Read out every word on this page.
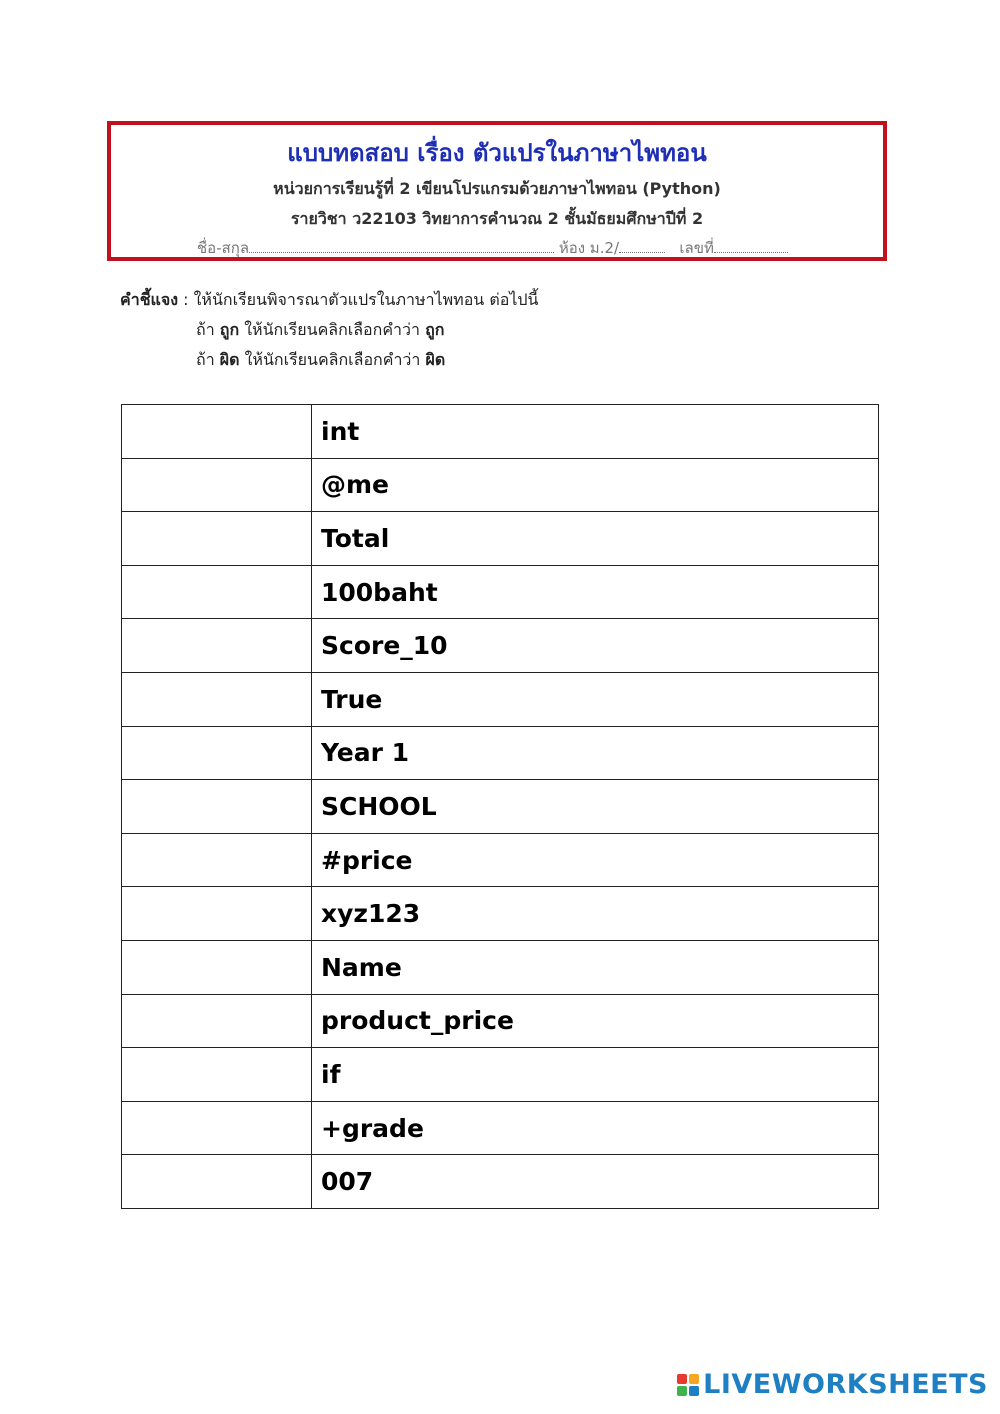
แบบทดสอบ เรื่อง ตัวแปรในภาษาไพทอน
หน่วยการเรียนรู้ที่ 2 เขียนโปรแกรมด้วยภาษาไพทอน (Python)
รายวิชา ว22103 วิทยาการคำนวณ 2 ชั้นมัธยมศึกษาปีที่ 2
ชื่อ-สกุล	ห้อง ม.2/	เลขที่
คำชี้แจง : ให้นักเรียนพิจารณาตัวแปรในภาษาไพทอน ต่อไปนี้
ถ้า ถูก ให้นักเรียนคลิกเลือกคำว่า ถูก
ถ้า ผิด ให้นักเรียนคลิกเลือกคำว่า ผิด
	int
	@me
	Total
	100baht
	Score_10
	True
	Year 1
	SCHOOL
	#price
	xyz123
	Name
	product_price
	if
	+grade
	007
LIVEWORKSHEETS
